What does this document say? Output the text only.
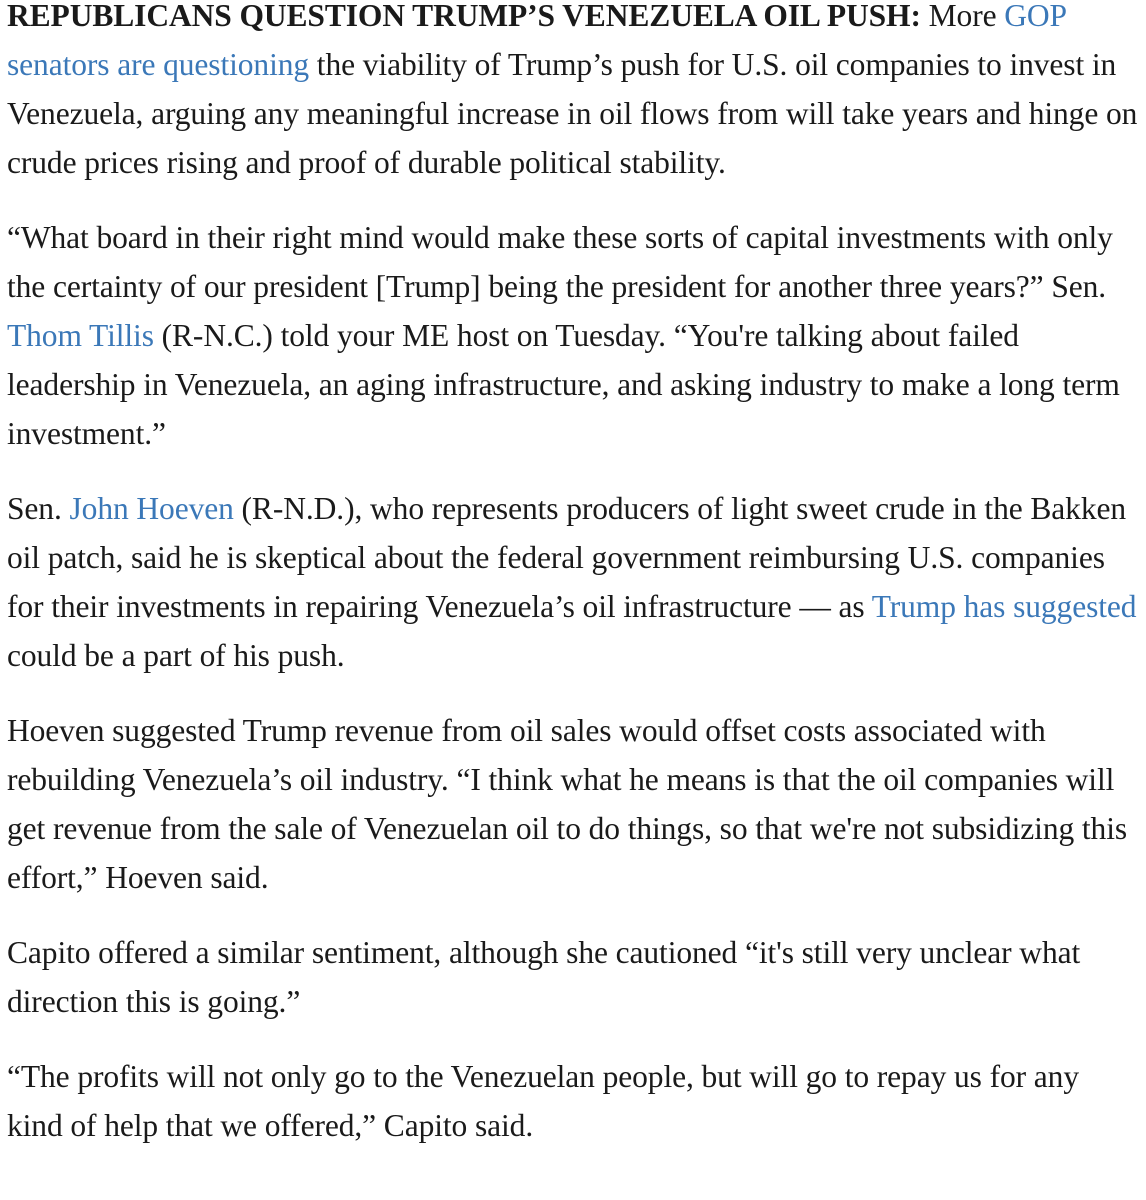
REPUBLICANS QUESTION TRUMP’S VENEZUELA OIL PUSH: More GOP senators are questioning the viability of Trump’s push for U.S. oil companies to invest in Venezuela, arguing any meaningful increase in oil flows from will take years and hinge on crude prices rising and proof of durable political stability.

“What board in their right mind would make these sorts of capital investments with only the certainty of our president [Trump] being the president for another three years?” Sen. Thom Tillis (R-N.C.) told your ME host on Tuesday. “You're talking about failed leadership in Venezuela, an aging infrastructure, and asking industry to make a long term investment.”

Sen. John Hoeven (R-N.D.), who represents producers of light sweet crude in the Bakken oil patch, said he is skeptical about the federal government reimbursing U.S. companies for their investments in repairing Venezuela’s oil infrastructure — as Trump has suggested could be a part of his push.

Hoeven suggested Trump revenue from oil sales would offset costs associated with rebuilding Venezuela’s oil industry. “I think what he means is that the oil companies will get revenue from the sale of Venezuelan oil to do things, so that we're not subsidizing this effort,” Hoeven said.

Capito offered a similar sentiment, although she cautioned “it's still very unclear what direction this is going.”

“The profits will not only go to the Venezuelan people, but will go to repay us for any kind of help that we offered,” Capito said.
